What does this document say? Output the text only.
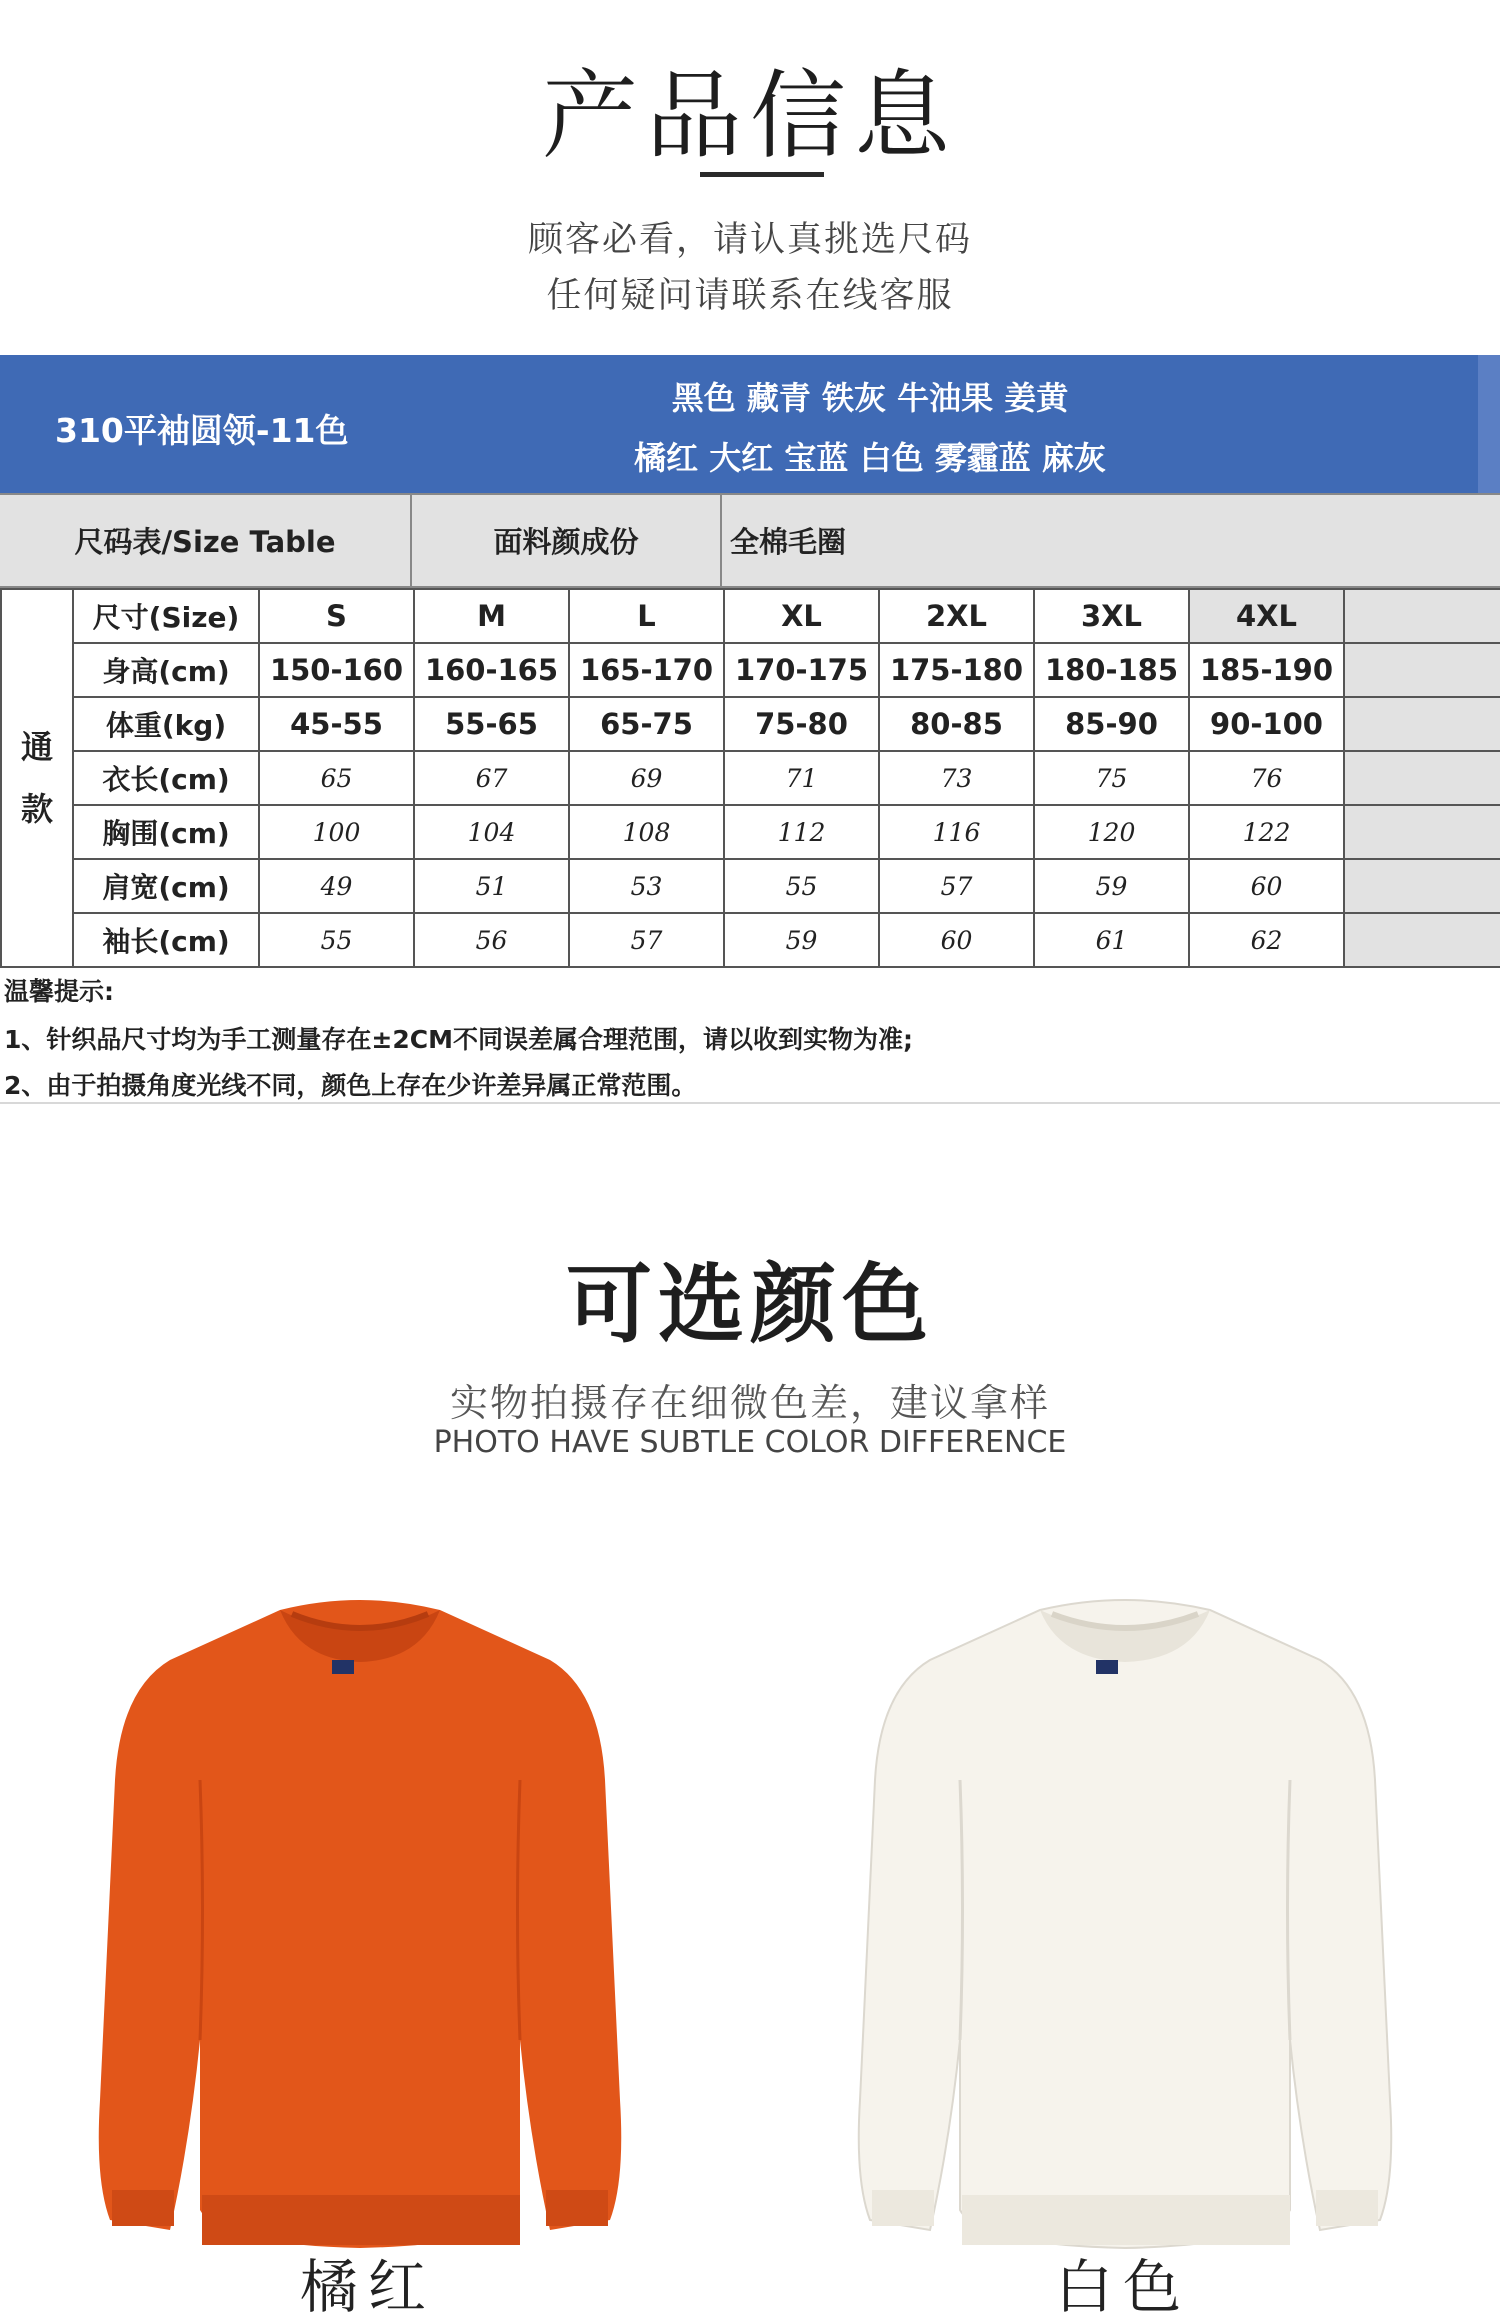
产品信息
顾客必看，请认真挑选尺码
任何疑问请联系在线客服
310平袖圆领-11色
黑色 藏青 铁灰 牛油果 姜黄
橘红 大红 宝蓝 白色 雾霾蓝 麻灰
尺码表/Size Table	面料颜成份	全棉毛圈
通
款	尺寸(Size)	S	M	L	XL	2XL	3XL	4XL	
	身高(cm)	150-160	160-165	165-170	170-175	175-180	180-185	185-190	
	体重(kg)	45-55	55-65	65-75	75-80	80-85	85-90	90-100	
	衣长(cm)	65	67	69	71	73	75	76	
	胸围(cm)	100	104	108	112	116	120	122	
	肩宽(cm)	49	51	53	55	57	59	60	
	袖长(cm)	55	56	57	59	60	61	62	
温馨提示:
1、针织品尺寸均为手工测量存在±2CM不同误差属合理范围，请以收到实物为准;
2、由于拍摄角度光线不同，颜色上存在少许差异属正常范围。
可选颜色
实物拍摄存在细微色差，建议拿样
PHOTO HAVE SUBTLE COLOR DIFFERENCE
橘红	白色
